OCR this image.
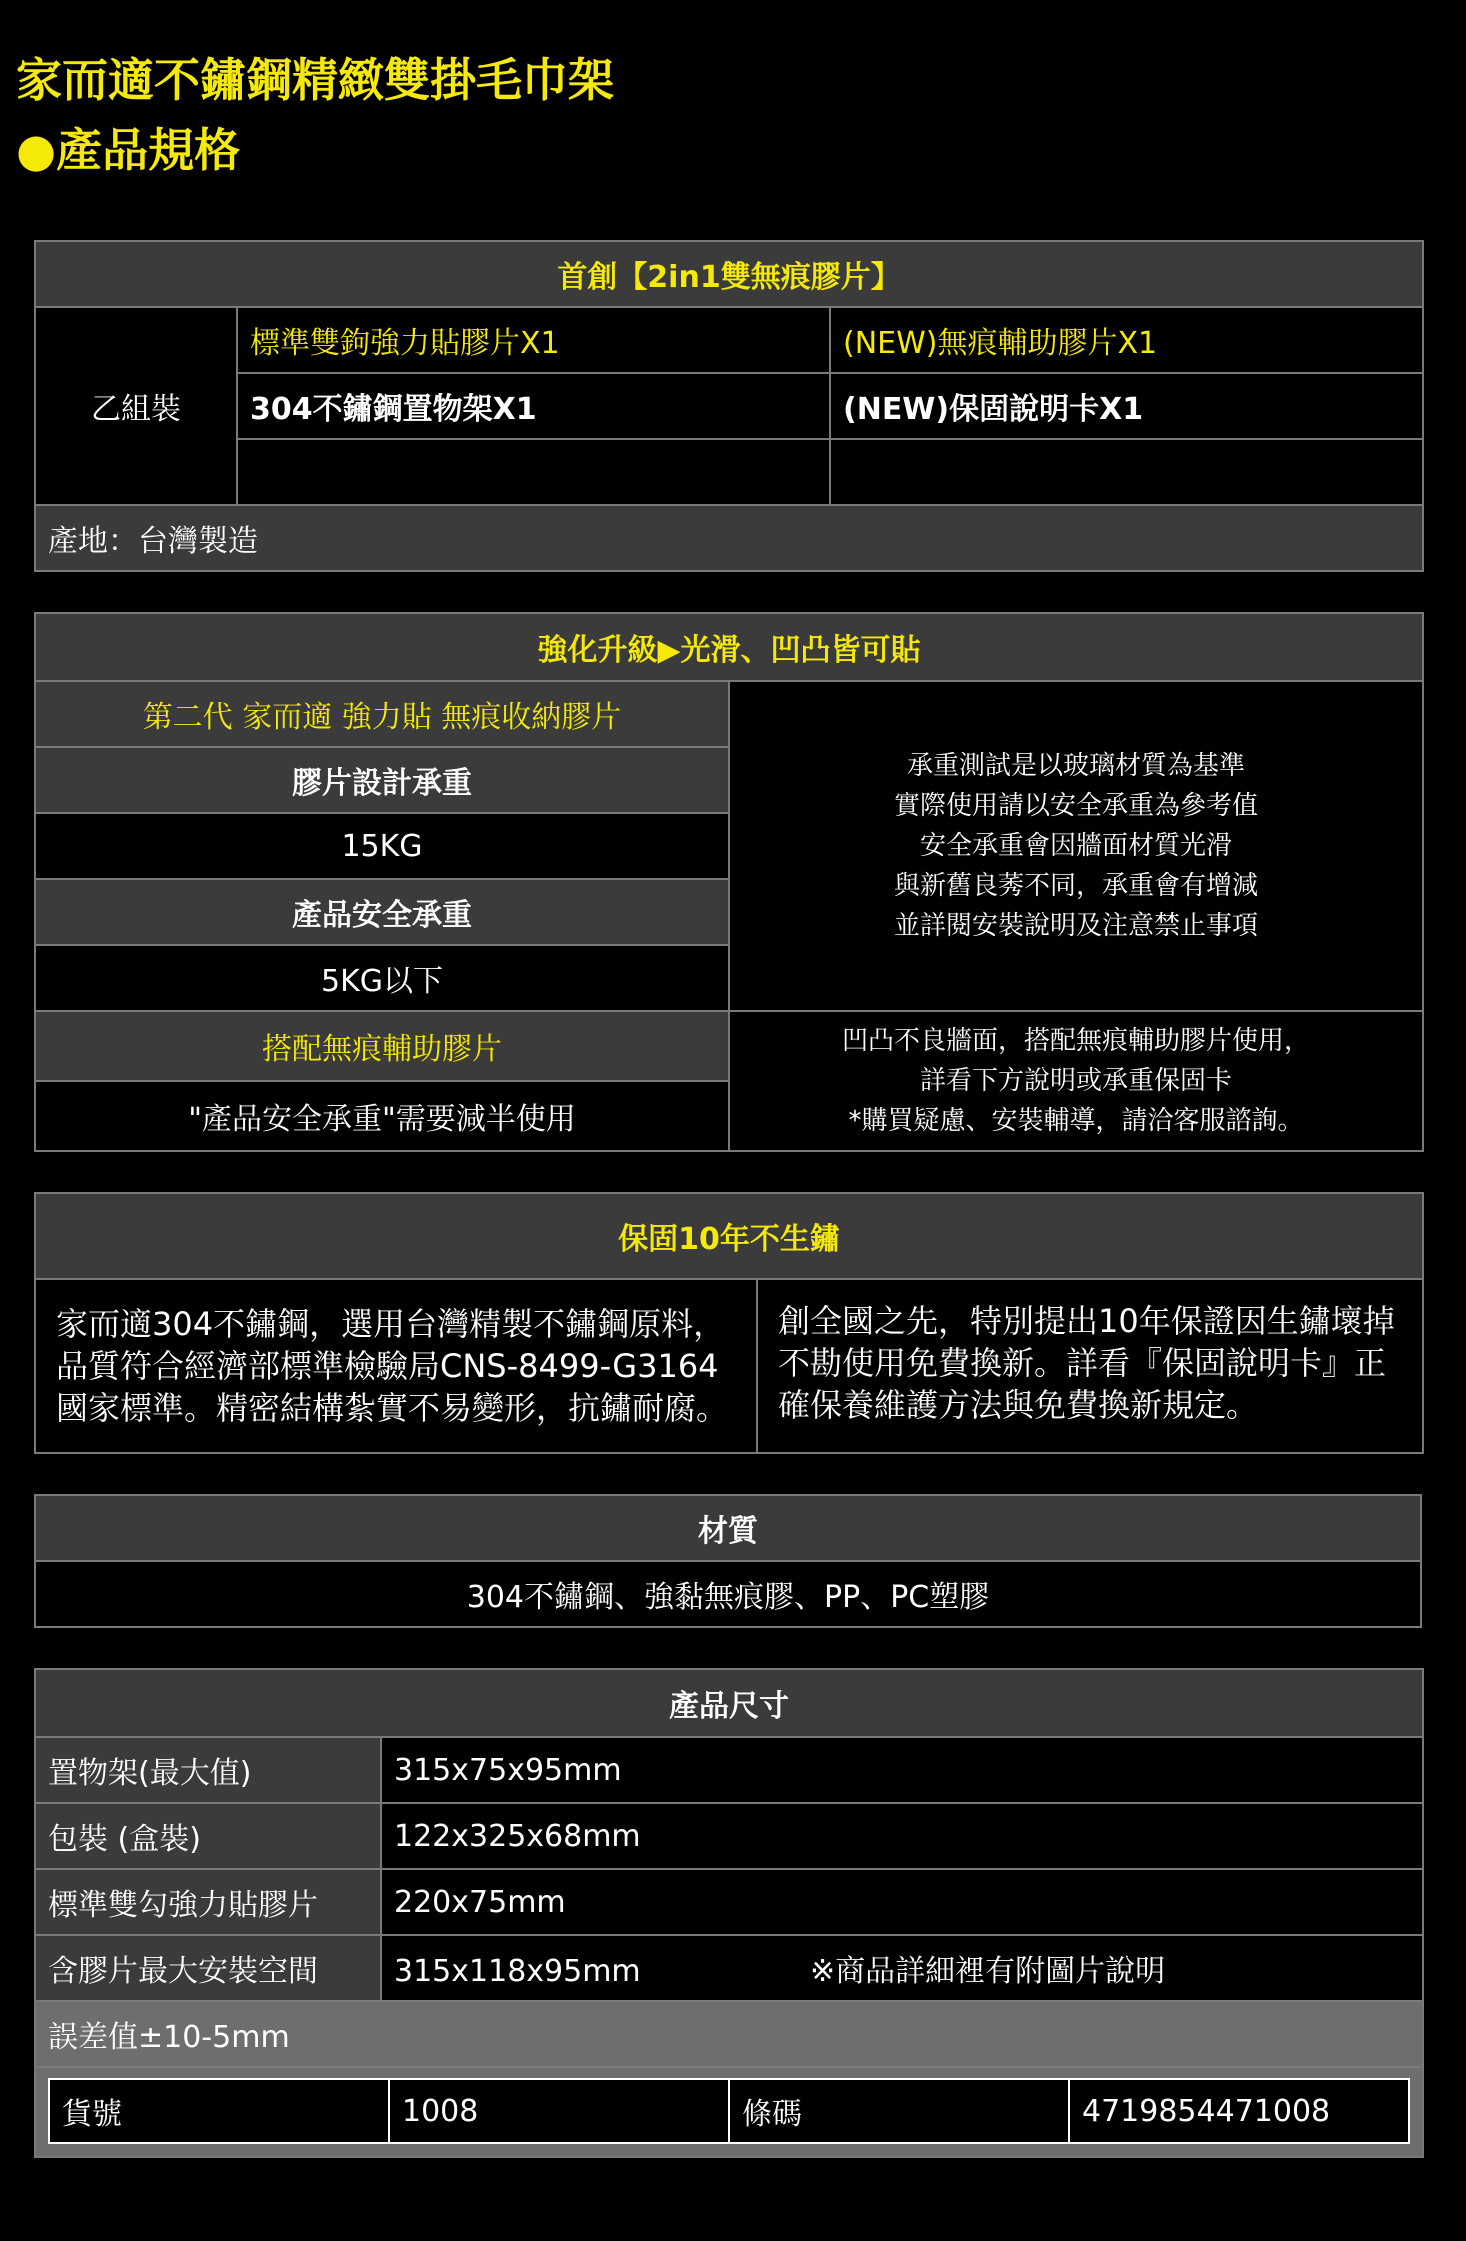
家而適不鏽鋼精緻雙掛毛巾架
●產品規格
首創【2in1雙無痕膠片】		
乙組裝	標準雙鉤強力貼膠片X1	(NEW)無痕輔助膠片X1
	304不鏽鋼置物架X1	(NEW)保固說明卡X1

產地：台灣製造		
強化升級▶光滑、凹凸皆可貼	
第二代 家而適 強力貼 無痕收納膠片	承重測試是以玻璃材質為基準
實際使用請以安全承重為參考值
安全承重會因牆面材質光滑
與新舊良莠不同，承重會有增減
並詳閱安裝說明及注意禁止事項

膠片設計承重	
15KG	
產品安全承重	
5KG以下	
搭配無痕輔助膠片	凹凸不良牆面，搭配無痕輔助膠片使用，
詳看下方說明或承重保固卡
*購買疑慮、安裝輔導，請洽客服諮詢。

"產品安全承重"需要減半使用	
保固10年不生鏽
家而適304不鏽鋼，選用台灣精製不鏽鋼原料，品質符合經濟部標準檢驗局CNS-8499-G3164國家標準。精密結構紮實不易變形，抗鏽耐腐。	創全國之先，特別提出10年保證因生鏽壞掉不勘使用免費換新。詳看『保固說明卡』正確保養維護方法與免費換新規定。
材質
304不鏽鋼、強黏無痕膠、PP、PC塑膠
產品尺寸
置物架(最大值)	315x75x95mm
包裝 (盒裝)	122x325x68mm
標準雙勾強力貼膠片	220x75mm
含膠片最大安裝空間	315x118x95mm	※商品詳細裡有附圖片說明
誤差值±10-5mm

貨號	1008	條碼	4719854471008
